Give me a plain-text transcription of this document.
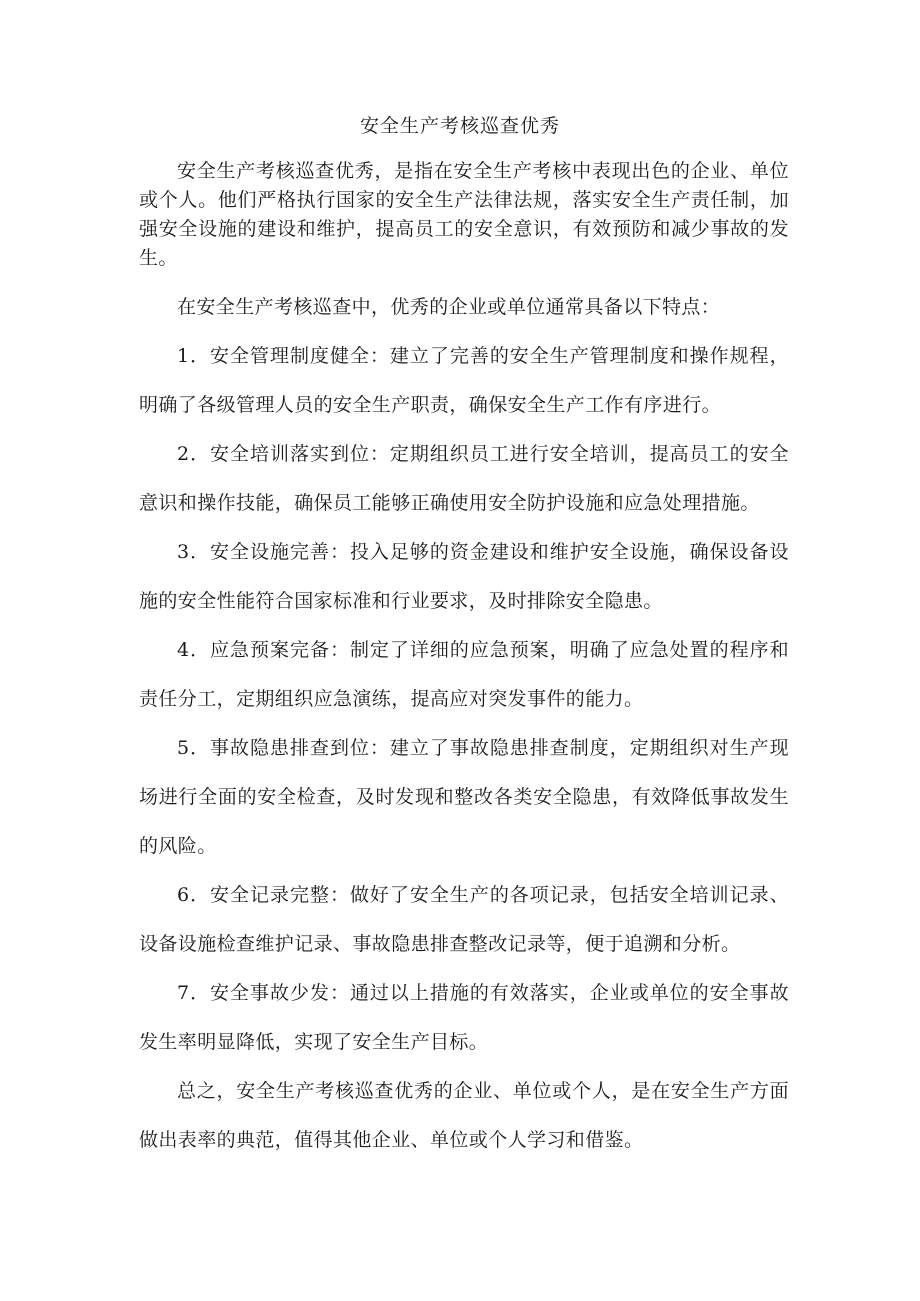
安全生产考核巡查优秀

安全生产考核巡查优秀，是指在安全生产考核中表现出色的企业、单位或个人。他们严格执行国家的安全生产法律法规，落实安全生产责任制，加强安全设施的建设和维护，提高员工的安全意识，有效预防和减少事故的发生。

在安全生产考核巡查中，优秀的企业或单位通常具备以下特点：

1．安全管理制度健全：建立了完善的安全生产管理制度和操作规程，明确了各级管理人员的安全生产职责，确保安全生产工作有序进行。

2．安全培训落实到位：定期组织员工进行安全培训，提高员工的安全意识和操作技能，确保员工能够正确使用安全防护设施和应急处理措施。

3．安全设施完善：投入足够的资金建设和维护安全设施，确保设备设施的安全性能符合国家标准和行业要求，及时排除安全隐患。

4．应急预案完备：制定了详细的应急预案，明确了应急处置的程序和责任分工，定期组织应急演练，提高应对突发事件的能力。

5．事故隐患排查到位：建立了事故隐患排查制度，定期组织对生产现场进行全面的安全检查，及时发现和整改各类安全隐患，有效降低事故发生的风险。

6．安全记录完整：做好了安全生产的各项记录，包括安全培训记录、设备设施检查维护记录、事故隐患排查整改记录等，便于追溯和分析。

7．安全事故少发：通过以上措施的有效落实，企业或单位的安全事故发生率明显降低，实现了安全生产目标。

总之，安全生产考核巡查优秀的企业、单位或个人，是在安全生产方面做出表率的典范，值得其他企业、单位或个人学习和借鉴。
